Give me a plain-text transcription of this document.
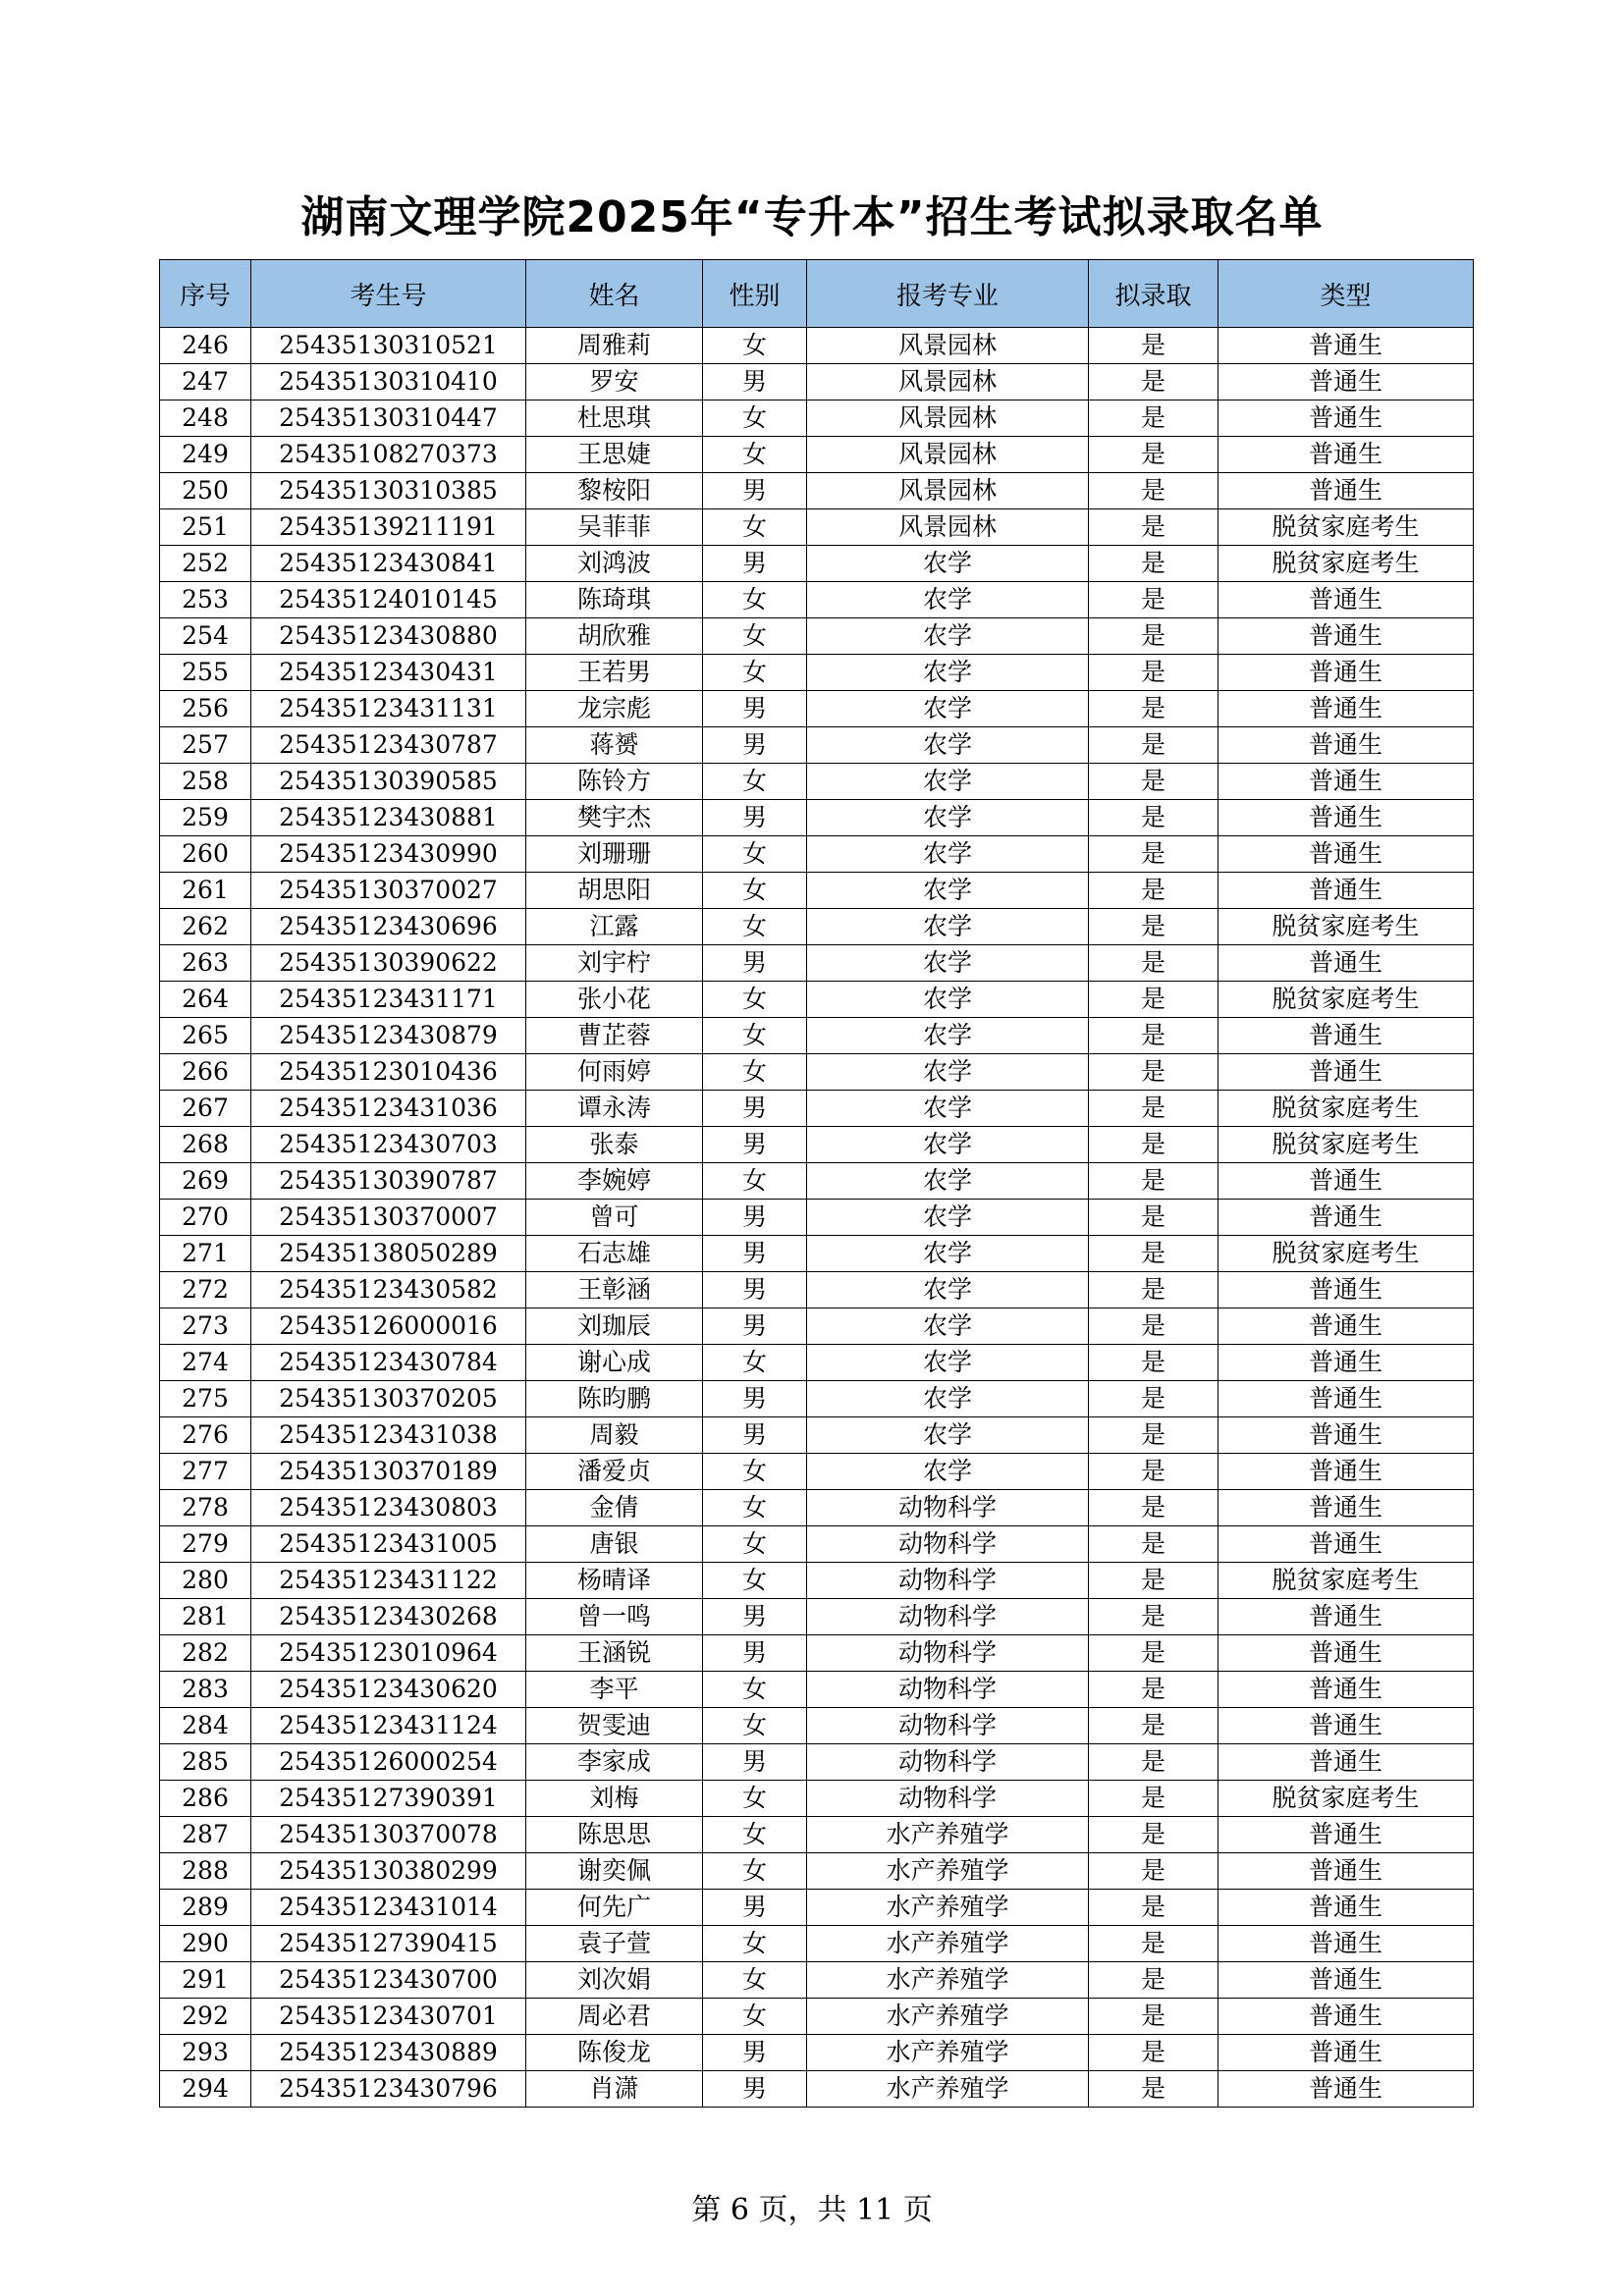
湖南文理学院2025年“专升本”招生考试拟录取名单
序号	考生号	姓名	性别	报考专业	拟录取	类型
246	25435130310521	周雅莉	女	风景园林	是	普通生
247	25435130310410	罗安	男	风景园林	是	普通生
248	25435130310447	杜思琪	女	风景园林	是	普通生
249	25435108270373	王思婕	女	风景园林	是	普通生
250	25435130310385	黎桉阳	男	风景园林	是	普通生
251	25435139211191	吴菲菲	女	风景园林	是	脱贫家庭考生
252	25435123430841	刘鸿波	男	农学	是	脱贫家庭考生
253	25435124010145	陈琦琪	女	农学	是	普通生
254	25435123430880	胡欣雅	女	农学	是	普通生
255	25435123430431	王若男	女	农学	是	普通生
256	25435123431131	龙宗彪	男	农学	是	普通生
257	25435123430787	蒋赟	男	农学	是	普通生
258	25435130390585	陈铃方	女	农学	是	普通生
259	25435123430881	樊宇杰	男	农学	是	普通生
260	25435123430990	刘珊珊	女	农学	是	普通生
261	25435130370027	胡思阳	女	农学	是	普通生
262	25435123430696	江露	女	农学	是	脱贫家庭考生
263	25435130390622	刘宇柠	男	农学	是	普通生
264	25435123431171	张小花	女	农学	是	脱贫家庭考生
265	25435123430879	曹芷蓉	女	农学	是	普通生
266	25435123010436	何雨婷	女	农学	是	普通生
267	25435123431036	谭永涛	男	农学	是	脱贫家庭考生
268	25435123430703	张泰	男	农学	是	脱贫家庭考生
269	25435130390787	李婉婷	女	农学	是	普通生
270	25435130370007	曾可	男	农学	是	普通生
271	25435138050289	石志雄	男	农学	是	脱贫家庭考生
272	25435123430582	王彰涵	男	农学	是	普通生
273	25435126000016	刘珈辰	男	农学	是	普通生
274	25435123430784	谢心成	女	农学	是	普通生
275	25435130370205	陈昀鹏	男	农学	是	普通生
276	25435123431038	周毅	男	农学	是	普通生
277	25435130370189	潘爱贞	女	农学	是	普通生
278	25435123430803	金倩	女	动物科学	是	普通生
279	25435123431005	唐银	女	动物科学	是	普通生
280	25435123431122	杨晴译	女	动物科学	是	脱贫家庭考生
281	25435123430268	曾一鸣	男	动物科学	是	普通生
282	25435123010964	王涵锐	男	动物科学	是	普通生
283	25435123430620	李平	女	动物科学	是	普通生
284	25435123431124	贺雯迪	女	动物科学	是	普通生
285	25435126000254	李家成	男	动物科学	是	普通生
286	25435127390391	刘梅	女	动物科学	是	脱贫家庭考生
287	25435130370078	陈思思	女	水产养殖学	是	普通生
288	25435130380299	谢奕佩	女	水产养殖学	是	普通生
289	25435123431014	何先广	男	水产养殖学	是	普通生
290	25435127390415	袁子萱	女	水产养殖学	是	普通生
291	25435123430700	刘次娟	女	水产养殖学	是	普通生
292	25435123430701	周必君	女	水产养殖学	是	普通生
293	25435123430889	陈俊龙	男	水产养殖学	是	普通生
294	25435123430796	肖潇	男	水产养殖学	是	普通生
第 6 页，共 11 页
